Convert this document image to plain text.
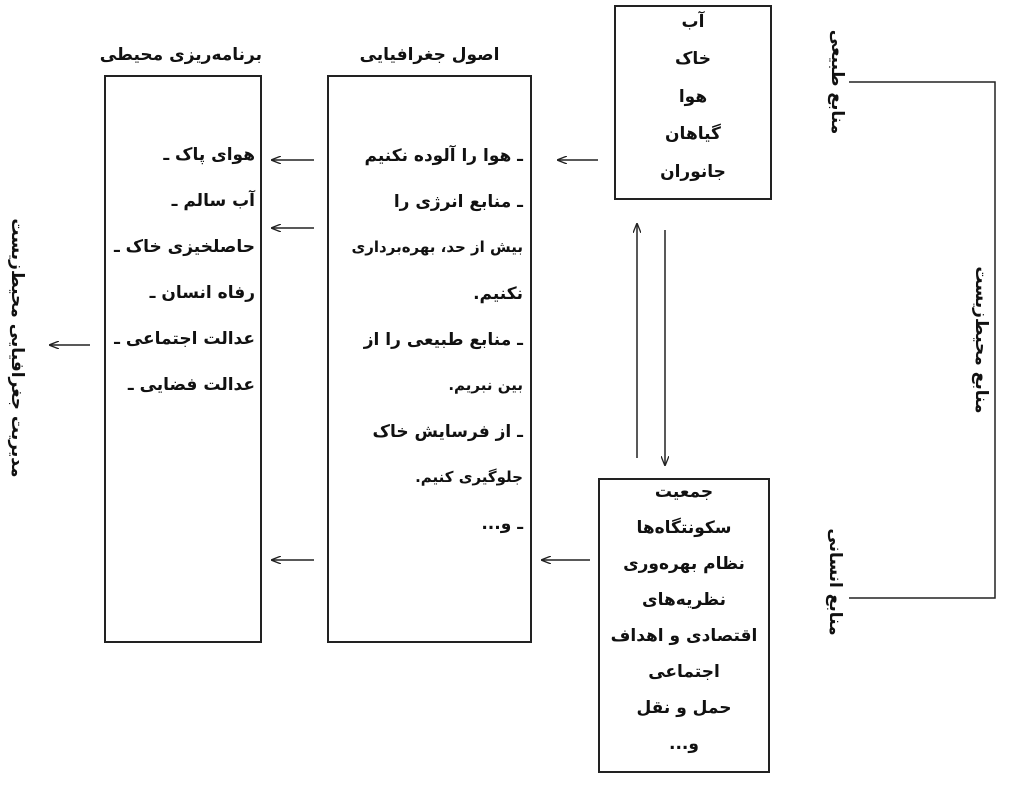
برنامه‌ریزی محیطی
هوای پاک ـ
آب سالم ـ
حاصلخیزی خاک ـ
رفاه انسان ـ
عدالت اجتماعی ـ
عدالت فضایی ـ
اصول جغرافیایی
ـ هوا را آلوده نکنیم
ـ منابع انرژی را
بیش از حد، بهره‌برداری
نکنیم.
ـ منابع طبیعی را از
بین نبریم.
ـ از فرسایش خاک
جلوگیری کنیم.
ـ و...
آب
خاک
هوا
گیاهان
جانوران
جمعیت
سکونتگاه‌ها
نظام بهره‌وری
نظریه‌های
اقتصادی و اهداف
اجتماعی
حمل و نقل
و...
منابع طبیعی
منابع انسانی
منابع محیط‌زیست
مدیریت جغرافیایی محیط‌زیست
